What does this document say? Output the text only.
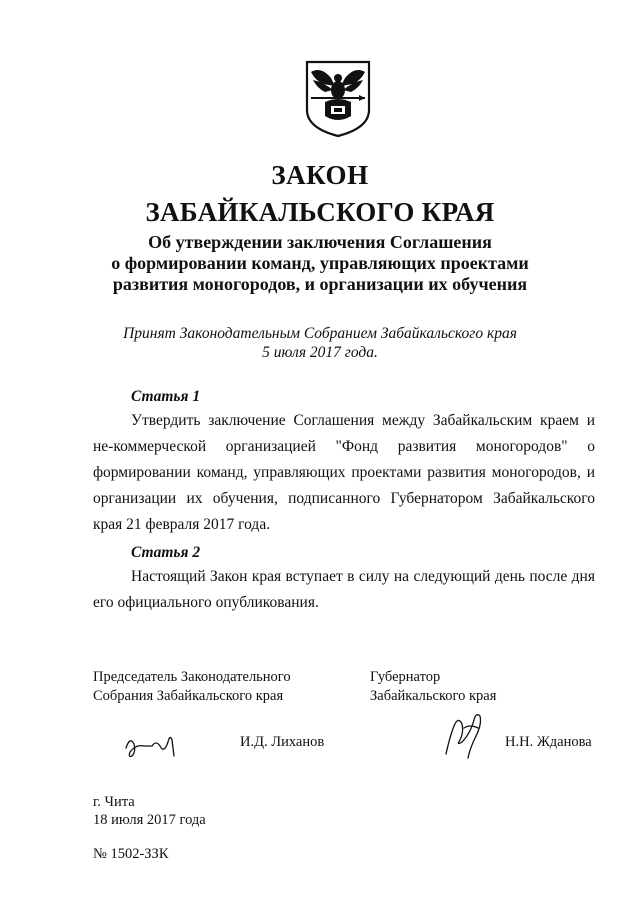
ЗАКОН
ЗАБАЙКАЛЬСКОГО КРАЯ
Об утверждении заключения Соглашения
о формировании команд, управляющих проектами
развития моногородов, и организации их обучения
Принят Законодательным Собранием Забайкальского края
5 июля 2017 года.
Статья 1
Утвердить заключение Соглашения между Забайкальским краем и не-коммерческой организацией "Фонд развития моногородов" о формировании команд, управляющих проектами развития моногородов, и организации их обучения, подписанного Губернатором Забайкальского края 21 февраля 2017 года.
Статья 2
Настоящий Закон края вступает в силу на следующий день после дня его официального опубликования.
Председатель Законодательного
Собрания Забайкальского края
Губернатор
Забайкальского края
И.Д. Лиханов	Н.Н. Жданова
г. Чита
18 июля 2017 года
№ 1502-ЗЗК
